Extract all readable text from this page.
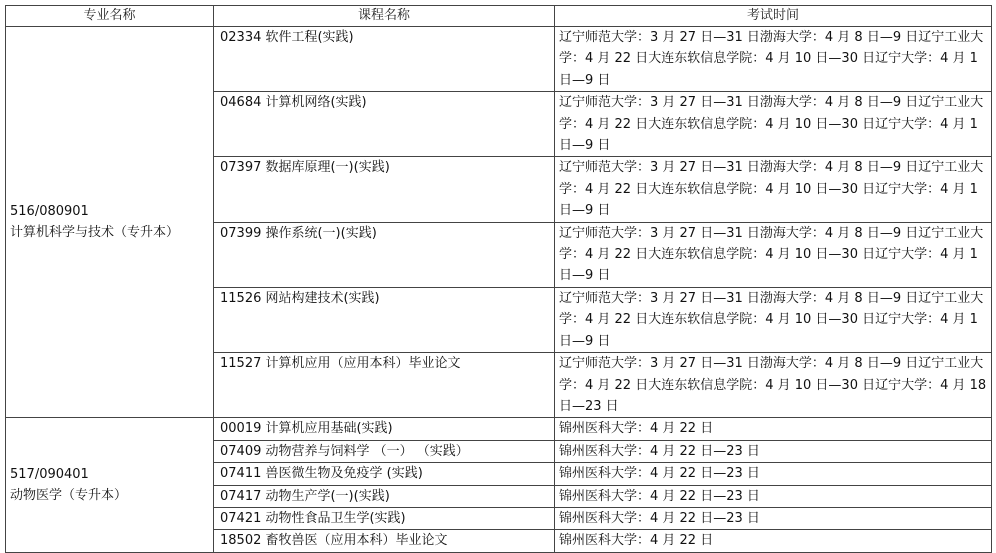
专业名称	课程名称	考试时间

516/080901
计算机科学与技术（专升本）	02334 软件工程(实践)	辽宁师范大学：3 月 27 日—31 日渤海大学：4 月 8 日—9 日辽宁工业大学：4 月 22 日大连东软信息学院：4 月 10 日—30 日辽宁大学：4 月 1 日—9 日

	04684 计算机网络(实践)	辽宁师范大学：3 月 27 日—31 日渤海大学：4 月 8 日—9 日辽宁工业大学：4 月 22 日大连东软信息学院：4 月 10 日—30 日辽宁大学：4 月 1 日—9 日

	07397 数据库原理(一)(实践)	辽宁师范大学：3 月 27 日—31 日渤海大学：4 月 8 日—9 日辽宁工业大学：4 月 22 日大连东软信息学院：4 月 10 日—30 日辽宁大学：4 月 1 日—9 日

	07399 操作系统(一)(实践)	辽宁师范大学：3 月 27 日—31 日渤海大学：4 月 8 日—9 日辽宁工业大学：4 月 22 日大连东软信息学院：4 月 10 日—30 日辽宁大学：4 月 1 日—9 日

	11526 网站构建技术(实践)	辽宁师范大学：3 月 27 日—31 日渤海大学：4 月 8 日—9 日辽宁工业大学：4 月 22 日大连东软信息学院：4 月 10 日—30 日辽宁大学：4 月 1 日—9 日

	11527 计算机应用（应用本科）毕业论文	辽宁师范大学：3 月 27 日—31 日渤海大学：4 月 8 日—9 日辽宁工业大学：4 月 22 日大连东软信息学院：4 月 10 日—30 日辽宁大学：4 月 18 日—23 日

517/090401
动物医学（专升本）	00019 计算机应用基础(实践)	锦州医科大学：4 月 22 日

	07409 动物营养与饲料学 （一） （实践）	锦州医科大学：4 月 22 日—23 日

	07411 兽医微生物及免疫学 (实践)	锦州医科大学：4 月 22 日—23 日

	07417 动物生产学(一)(实践)	锦州医科大学：4 月 22 日—23 日

	07421 动物性食品卫生学(实践)	锦州医科大学：4 月 22 日—23 日

	18502 畜牧兽医（应用本科）毕业论文	锦州医科大学：4 月 22 日
